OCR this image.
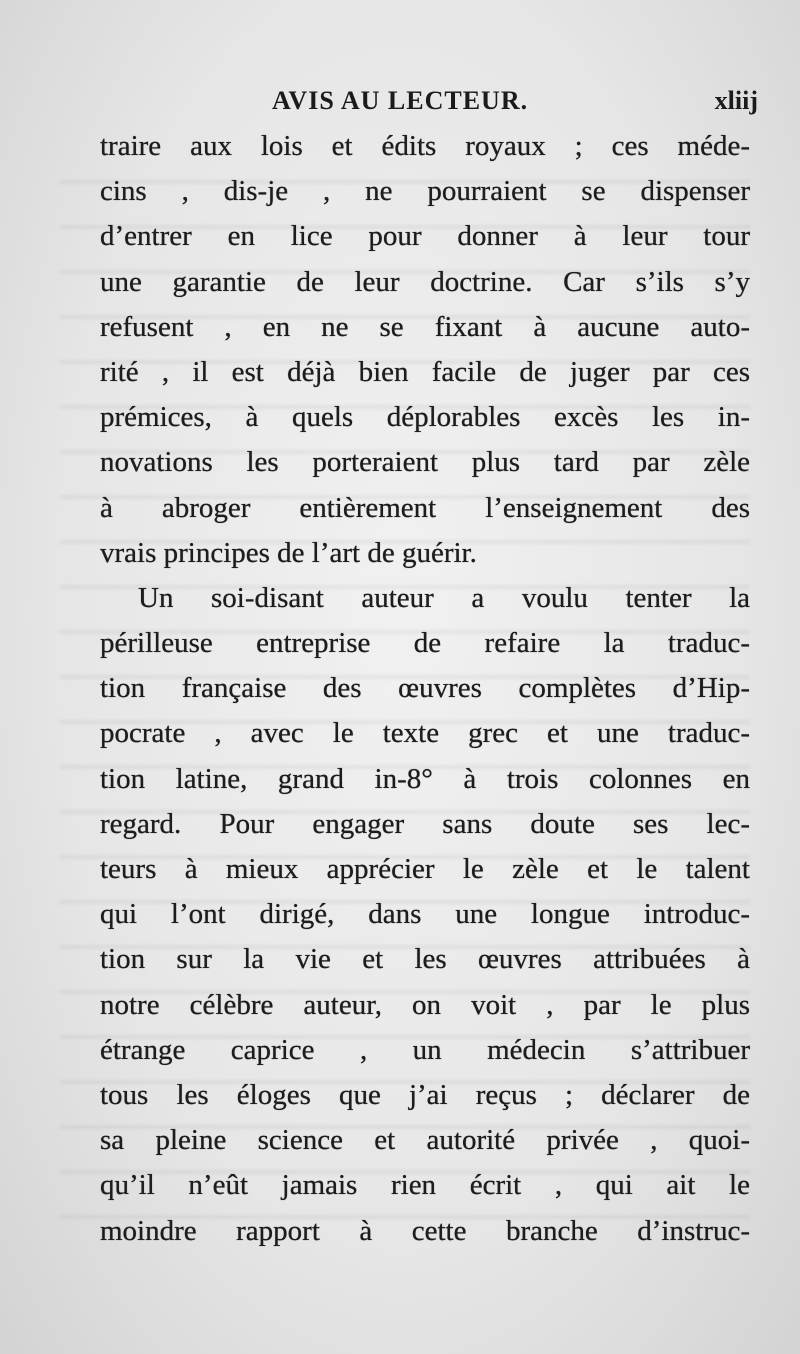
AVIS AU LECTEUR.	xliij
traire aux lois et édits royaux ; ces méde-
cins , dis-je , ne pourraient se dispenser
d’entrer en lice pour donner à leur tour
une garantie de leur doctrine. Car s’ils s’y
refusent , en ne se fixant à aucune auto-
rité , il est déjà bien facile de juger par ces
prémices, à quels déplorables excès les in-
novations les porteraient plus tard par zèle
à abroger entièrement l’enseignement des
vrais principes de l’art de guérir.
Un soi-disant auteur a voulu tenter la
périlleuse entreprise de refaire la traduc-
tion française des œuvres complètes d’Hip-
pocrate , avec le texte grec et une traduc-
tion latine, grand in-8° à trois colonnes en
regard. Pour engager sans doute ses lec-
teurs à mieux apprécier le zèle et le talent
qui l’ont dirigé, dans une longue introduc-
tion sur la vie et les œuvres attribuées à
notre célèbre auteur, on voit , par le plus
étrange caprice , un médecin s’attribuer
tous les éloges que j’ai reçus ; déclarer de
sa pleine science et autorité privée , quoi-
qu’il n’eût jamais rien écrit , qui ait le
moindre rapport à cette branche d’instruc-
